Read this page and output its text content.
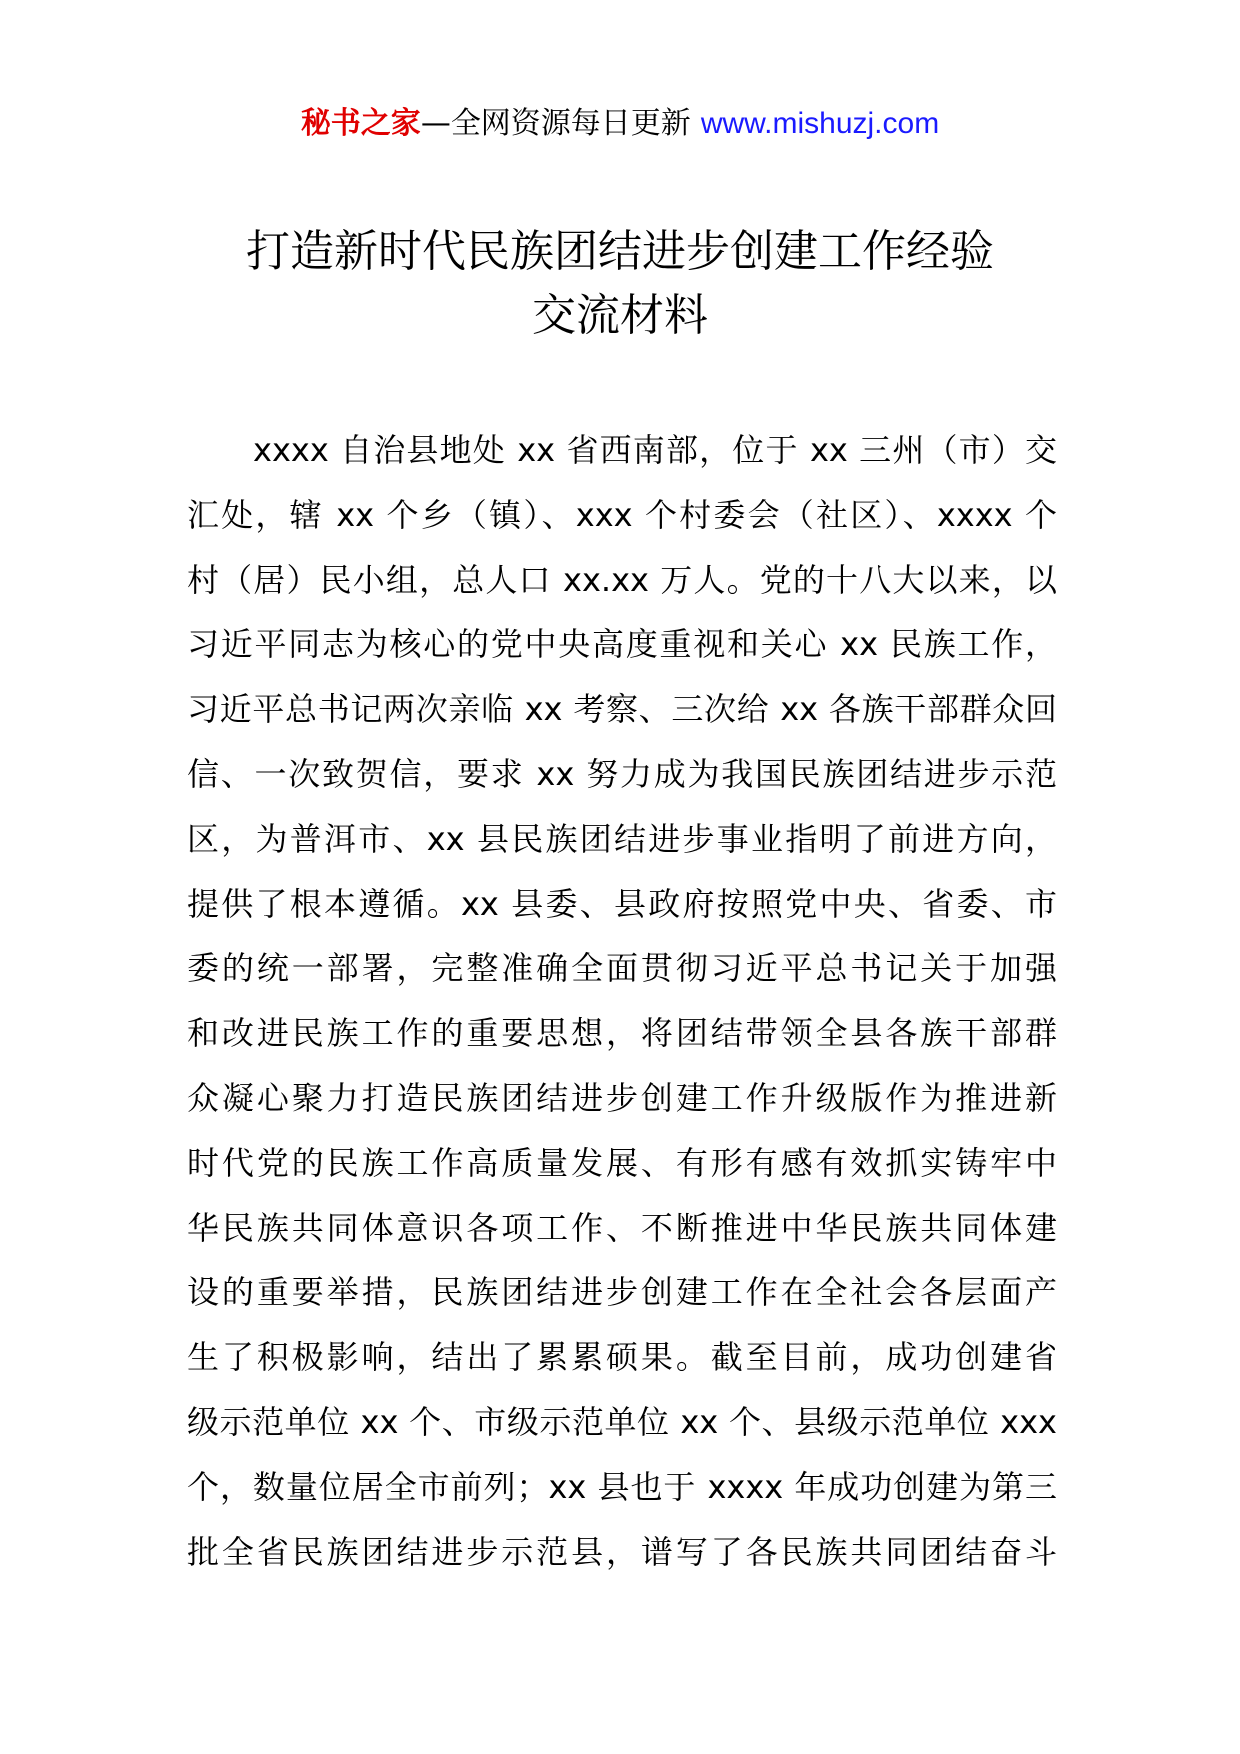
秘书之家—全网资源每日更新 www.mishuzj.com
打造新时代民族团结进步创建工作经验
交流材料
xxxx 自治县地处 xx 省西南部，位于 xx 三州（市）交
汇处，辖 xx 个乡（镇）、xxx 个村委会（社区）、xxxx 个
村（居）民小组，总人口 xx.xx 万人。党的十八大以来，以
习近平同志为核心的党中央高度重视和关心 xx 民族工作，
习近平总书记两次亲临 xx 考察、三次给 xx 各族干部群众回
信、一次致贺信，要求 xx 努力成为我国民族团结进步示范
区，为普洱市、xx 县民族团结进步事业指明了前进方向，
提供了根本遵循。xx 县委、县政府按照党中央、省委、市
委的统一部署，完整准确全面贯彻习近平总书记关于加强
和改进民族工作的重要思想，将团结带领全县各族干部群
众凝心聚力打造民族团结进步创建工作升级版作为推进新
时代党的民族工作高质量发展、有形有感有效抓实铸牢中
华民族共同体意识各项工作、不断推进中华民族共同体建
设的重要举措，民族团结进步创建工作在全社会各层面产
生了积极影响，结出了累累硕果。截至目前，成功创建省
级示范单位 xx 个、市级示范单位 xx 个、县级示范单位 xxx
个，数量位居全市前列；xx 县也于 xxxx 年成功创建为第三
批全省民族团结进步示范县，谱写了各民族共同团结奋斗
